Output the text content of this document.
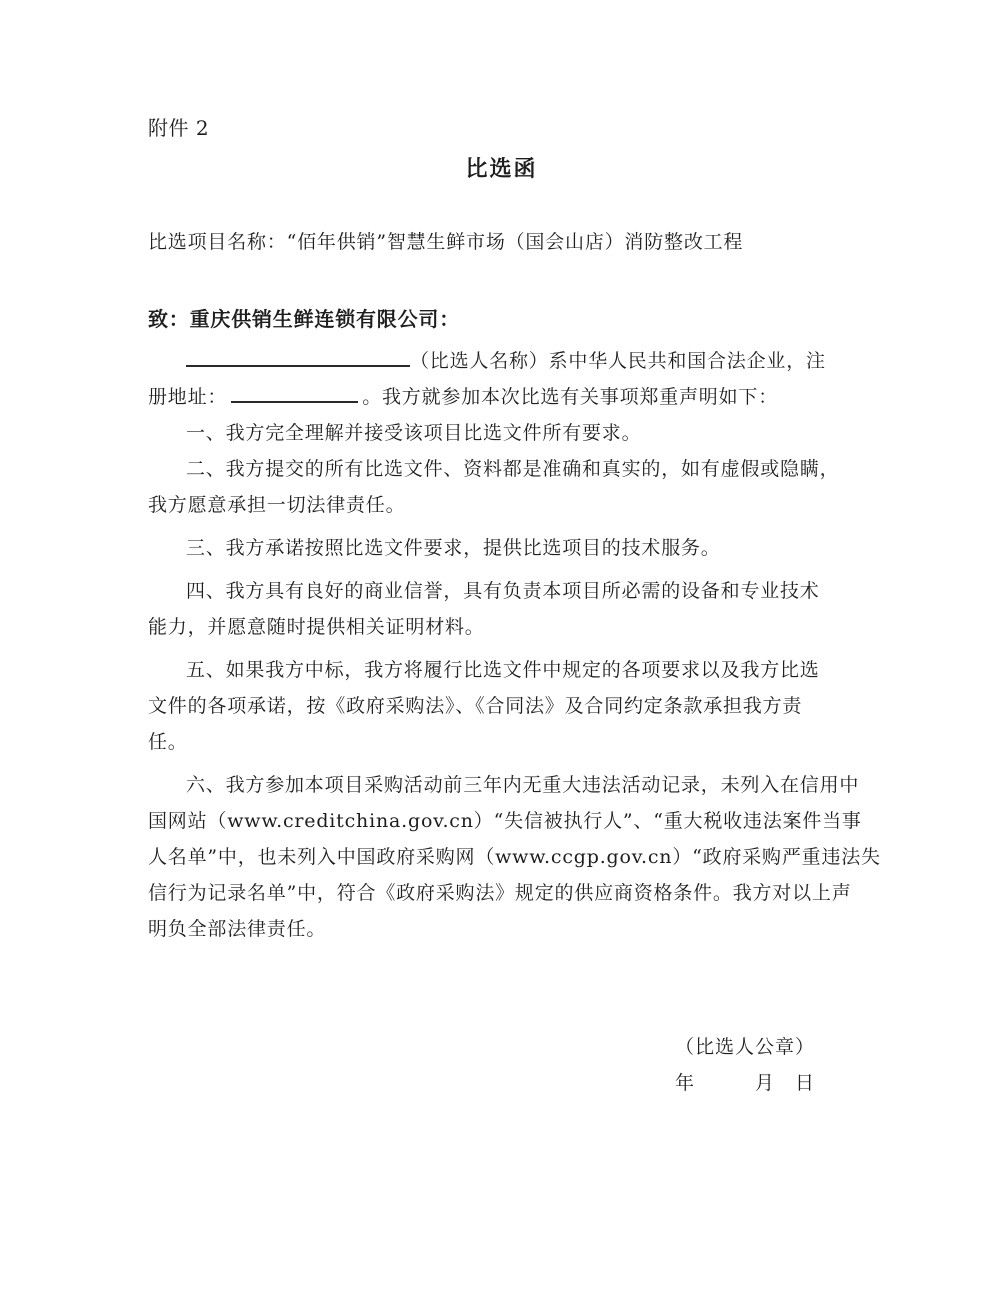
附件 2
比选函
比选项目名称：“佰年供销”智慧生鲜市场（国会山店）消防整改工程
致：重庆供销生鲜连锁有限公司：
（比选人名称）系中华人民共和国合法企业，注
册地址：	。我方就参加本次比选有关事项郑重声明如下：
一、我方完全理解并接受该项目比选文件所有要求。
二、我方提交的所有比选文件、资料都是准确和真实的，如有虚假或隐瞒，
我方愿意承担一切法律责任。
三、我方承诺按照比选文件要求，提供比选项目的技术服务。
四、我方具有良好的商业信誉，具有负责本项目所必需的设备和专业技术
能力，并愿意随时提供相关证明材料。
五、如果我方中标，我方将履行比选文件中规定的各项要求以及我方比选
文件的各项承诺，按《政府采购法》、《合同法》及合同约定条款承担我方责
任。
六、我方参加本项目采购活动前三年内无重大违法活动记录，未列入在信用中
国网站（www.creditchina.gov.cn）“失信被执行人”、“重大税收违法案件当事
人名单”中，也未列入中国政府采购网（www.ccgp.gov.cn）“政府采购严重违法失
信行为记录名单”中，符合《政府采购法》规定的供应商资格条件。我方对以上声
明负全部法律责任。
（比选人公章）
年　　　月　日
